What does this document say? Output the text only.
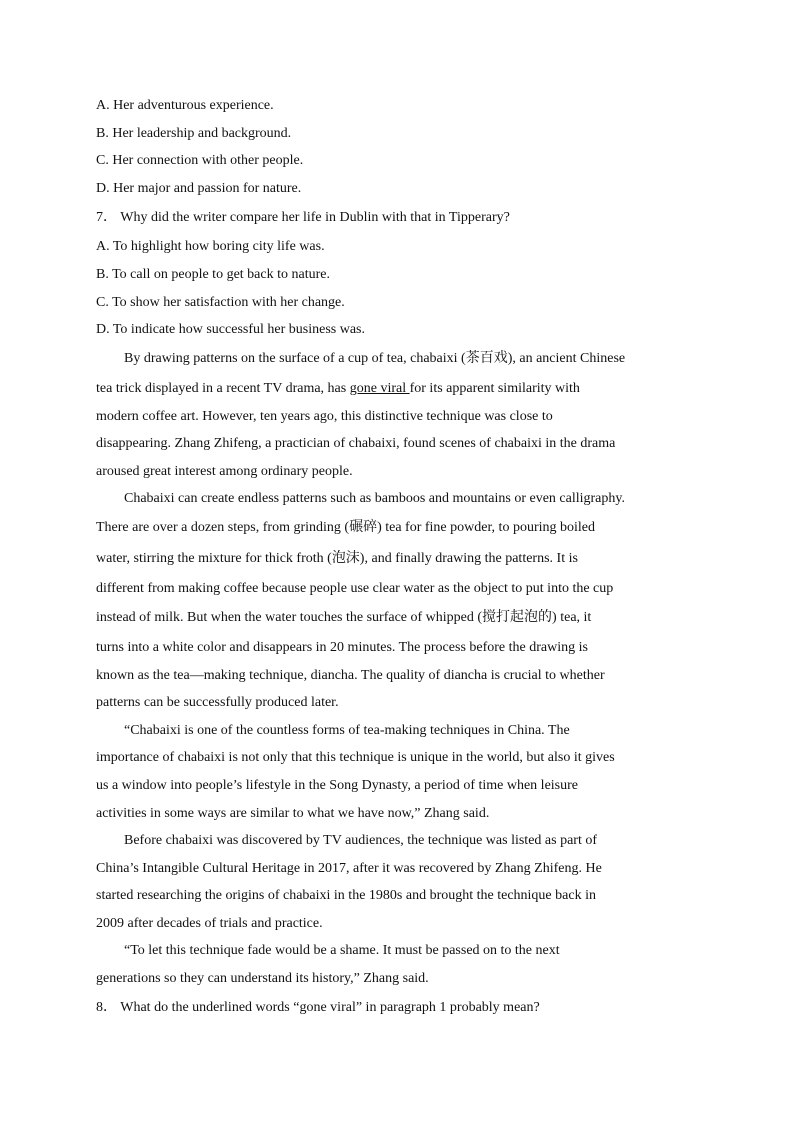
A. Her adventurous experience.
B. Her leadership and background.
C. Her connection with other people.
D. Her major and passion for nature.
7． Why did the writer compare her life in Dublin with that in Tipperary?
A. To highlight how boring city life was.
B. To call on people to get back to nature.
C. To show her satisfaction with her change.
D. To indicate how successful her business was.
By drawing patterns on the surface of a cup of tea, chabaixi (茶百戏), an ancient Chinese
tea trick displayed in a recent TV drama, has gone viral for its apparent similarity with
modern coffee art. However, ten years ago, this distinctive technique was close to
disappearing. Zhang Zhifeng, a practician of chabaixi, found scenes of chabaixi in the drama
aroused great interest among ordinary people.
Chabaixi can create endless patterns such as bamboos and mountains or even calligraphy.
There are over a dozen steps, from grinding (碾碎) tea for fine powder, to pouring boiled
water, stirring the mixture for thick froth (泡沫), and finally drawing the patterns. It is
different from making coffee because people use clear water as the object to put into the cup
instead of milk. But when the water touches the surface of whipped (搅打起泡的) tea, it
turns into a white color and disappears in 20 minutes. The process before the drawing is
known as the tea—making technique, diancha. The quality of diancha is crucial to whether
patterns can be successfully produced later.
“Chabaixi is one of the countless forms of tea-making techniques in China. The
importance of chabaixi is not only that this technique is unique in the world, but also it gives
us a window into people’s lifestyle in the Song Dynasty, a period of time when leisure
activities in some ways are similar to what we have now,” Zhang said.
Before chabaixi was discovered by TV audiences, the technique was listed as part of
China’s Intangible Cultural Heritage in 2017, after it was recovered by Zhang Zhifeng. He
started researching the origins of chabaixi in the 1980s and brought the technique back in
2009 after decades of trials and practice.
“To let this technique fade would be a shame. It must be passed on to the next
generations so they can understand its history,” Zhang said.
8． What do the underlined words “gone viral” in paragraph 1 probably mean?
